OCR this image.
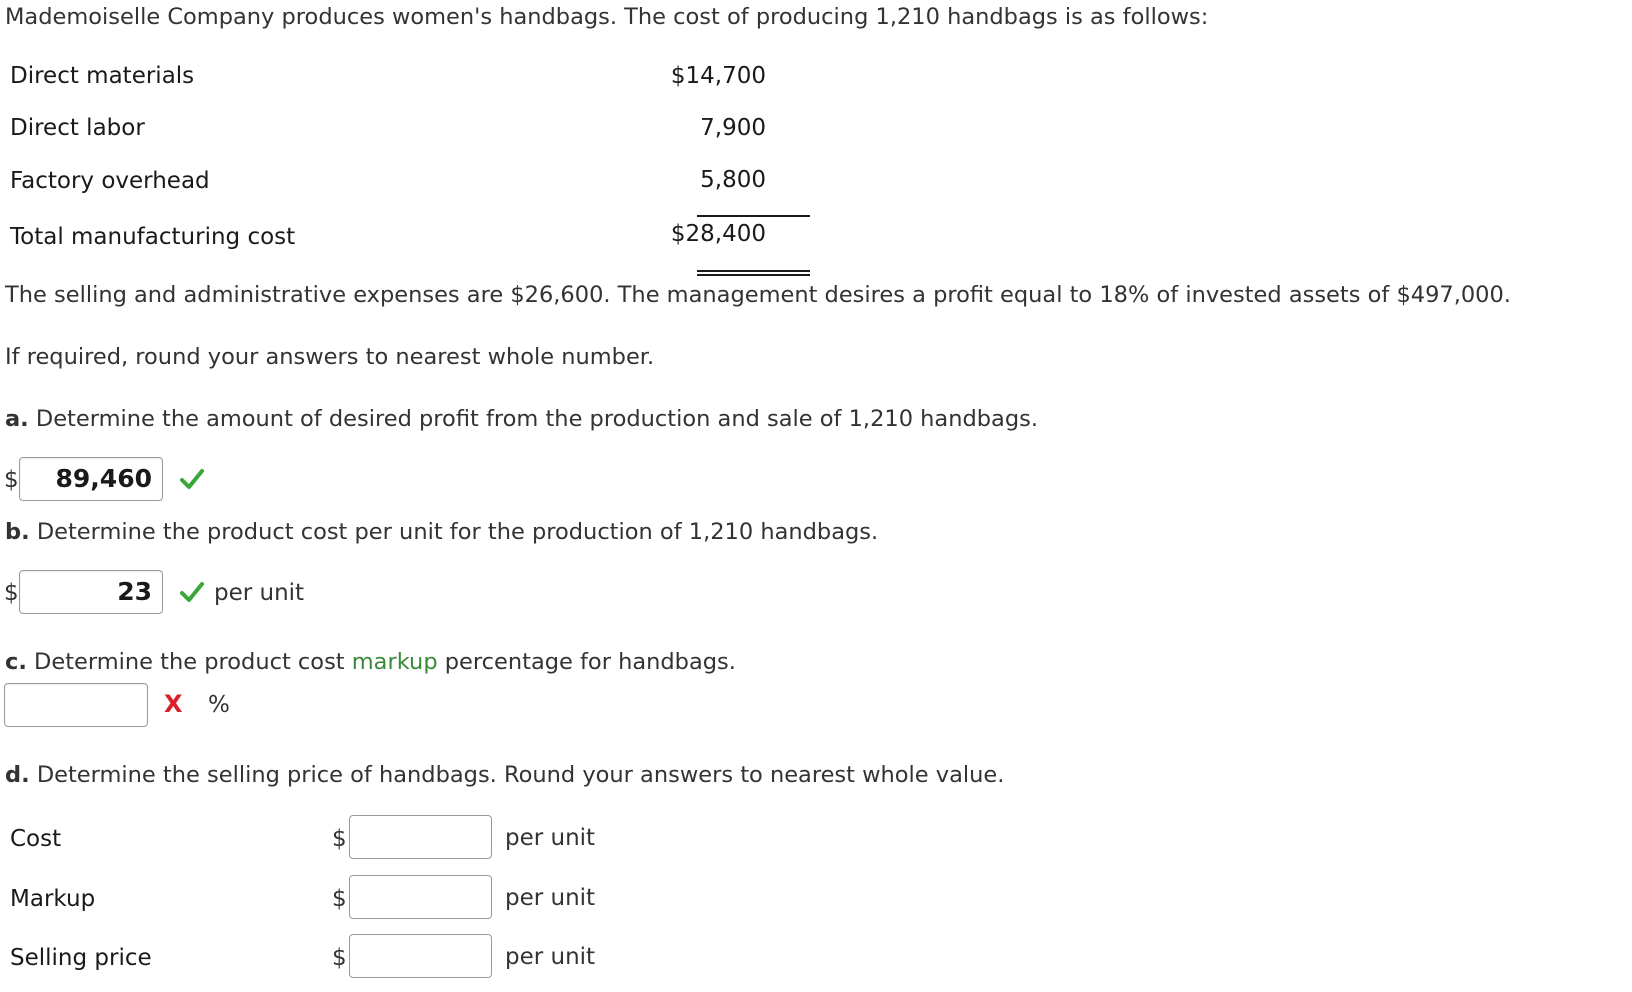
Mademoiselle Company produces women's handbags. The cost of producing 1,210 handbags is as follows:
Direct materials	$14,700
Direct labor	7,900
Factory overhead	5,800
Total manufacturing cost	$28,400
The selling and administrative expenses are $26,600. The management desires a profit equal to 18% of invested assets of $497,000.
If required, round your answers to nearest whole number.
a. Determine the amount of desired profit from the production and sale of 1,210 handbags.
$	89,460
b. Determine the product cost per unit for the production of 1,210 handbags.
$	23	per unit
c. Determine the product cost markup percentage for handbags.
X %
d. Determine the selling price of handbags. Round your answers to nearest whole value.
Cost	$	per unit
Markup	$	per unit
Selling price	$	per unit
